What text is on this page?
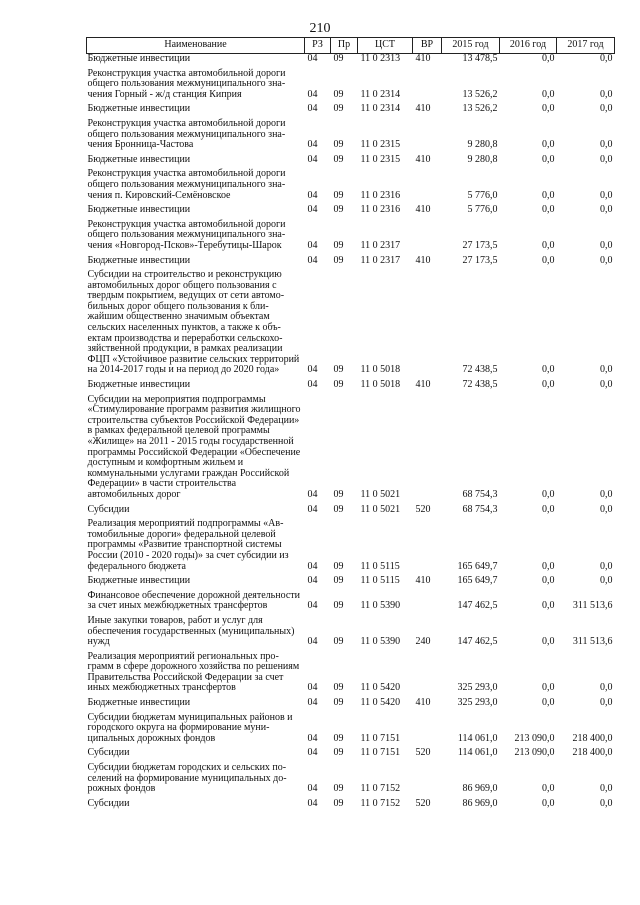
210
Наименование	РЗ	Пр	ЦСТ	ВР	2015 год	2016 год	2017 год
Бюджетные инвестиции	04	09	11 0 2313	410	13 478,5	0,0	0,0
Реконструкция участка автомобильной дороги общего пользования межмуниципального значения Горный - ж/д станция Киприя	04	09	11 0 2314		13 526,2	0,0	0,0
Бюджетные инвестиции	04	09	11 0 2314	410	13 526,2	0,0	0,0
Реконструкция участка автомобильной дороги общего пользования межмуниципального значения Бронница-Частова	04	09	11 0 2315		9 280,8	0,0	0,0
Бюджетные инвестиции	04	09	11 0 2315	410	9 280,8	0,0	0,0
Реконструкция участка автомобильной дороги общего пользования межмуниципального значения п. Кировский-Семёновское	04	09	11 0 2316		5 776,0	0,0	0,0
Бюджетные инвестиции	04	09	11 0 2316	410	5 776,0	0,0	0,0
Реконструкция участка автомобильной дороги общего пользования межмуниципального значения «Новгород-Псков»-Теребутицы-Шарок	04	09	11 0 2317		27 173,5	0,0	0,0
Бюджетные инвестиции	04	09	11 0 2317	410	27 173,5	0,0	0,0
Субсидии на строительство и реконструкцию автомобильных дорог общего пользования с твердым покрытием, ведущих от сети автомобильных дорог общего пользования к ближайшим общественно значимым объектам сельских населенных пунктов, а также к объектам производства и переработки сельскохозяйственной продукции, в рамках реализации ФЦП «Устойчивое развитие сельских территорий на 2014-2017 годы и на период до 2020 года»	04	09	11 0 5018		72 438,5	0,0	0,0
Бюджетные инвестиции	04	09	11 0 5018	410	72 438,5	0,0	0,0
Субсидии на мероприятия подпрограммы «Стимулирование программ развития жилищного строительства субъектов Российской Федерации» в рамках федеральной целевой программы «Жилище» на 2011 - 2015 годы государственной программы Российской Федерации «Обеспечение доступным и комфортным жильем и коммунальными услугами граждан Российской Федерации» в части строительства автомобильных дорог	04	09	11 0 5021		68 754,3	0,0	0,0
Субсидии	04	09	11 0 5021	520	68 754,3	0,0	0,0
Реализация мероприятий подпрограммы «Автомобильные дороги» федеральной целевой программы «Развитие транспортной системы России (2010 - 2020 годы)» за счет субсидии из федерального бюджета	04	09	11 0 5115		165 649,7	0,0	0,0
Бюджетные инвестиции	04	09	11 0 5115	410	165 649,7	0,0	0,0
Финансовое обеспечение дорожной деятельности за счет иных межбюджетных трансфертов	04	09	11 0 5390		147 462,5	0,0	311 513,6
Иные закупки товаров, работ и услуг для обеспечения государственных (муниципальных) нужд	04	09	11 0 5390	240	147 462,5	0,0	311 513,6
Реализация мероприятий региональных программ в сфере дорожного хозяйства по решениям Правительства Российской Федерации за счет иных межбюджетных трансфертов	04	09	11 0 5420		325 293,0	0,0	0,0
Бюджетные инвестиции	04	09	11 0 5420	410	325 293,0	0,0	0,0
Субсидии бюджетам муниципальных районов и городского округа на формирование муниципальных дорожных фондов	04	09	11 0 7151		114 061,0	213 090,0	218 400,0
Субсидии	04	09	11 0 7151	520	114 061,0	213 090,0	218 400,0
Субсидии бюджетам городских и сельских поселений на формирование муниципальных дорожных фондов	04	09	11 0 7152		86 969,0	0,0	0,0
Субсидии	04	09	11 0 7152	520	86 969,0	0,0	0,0
